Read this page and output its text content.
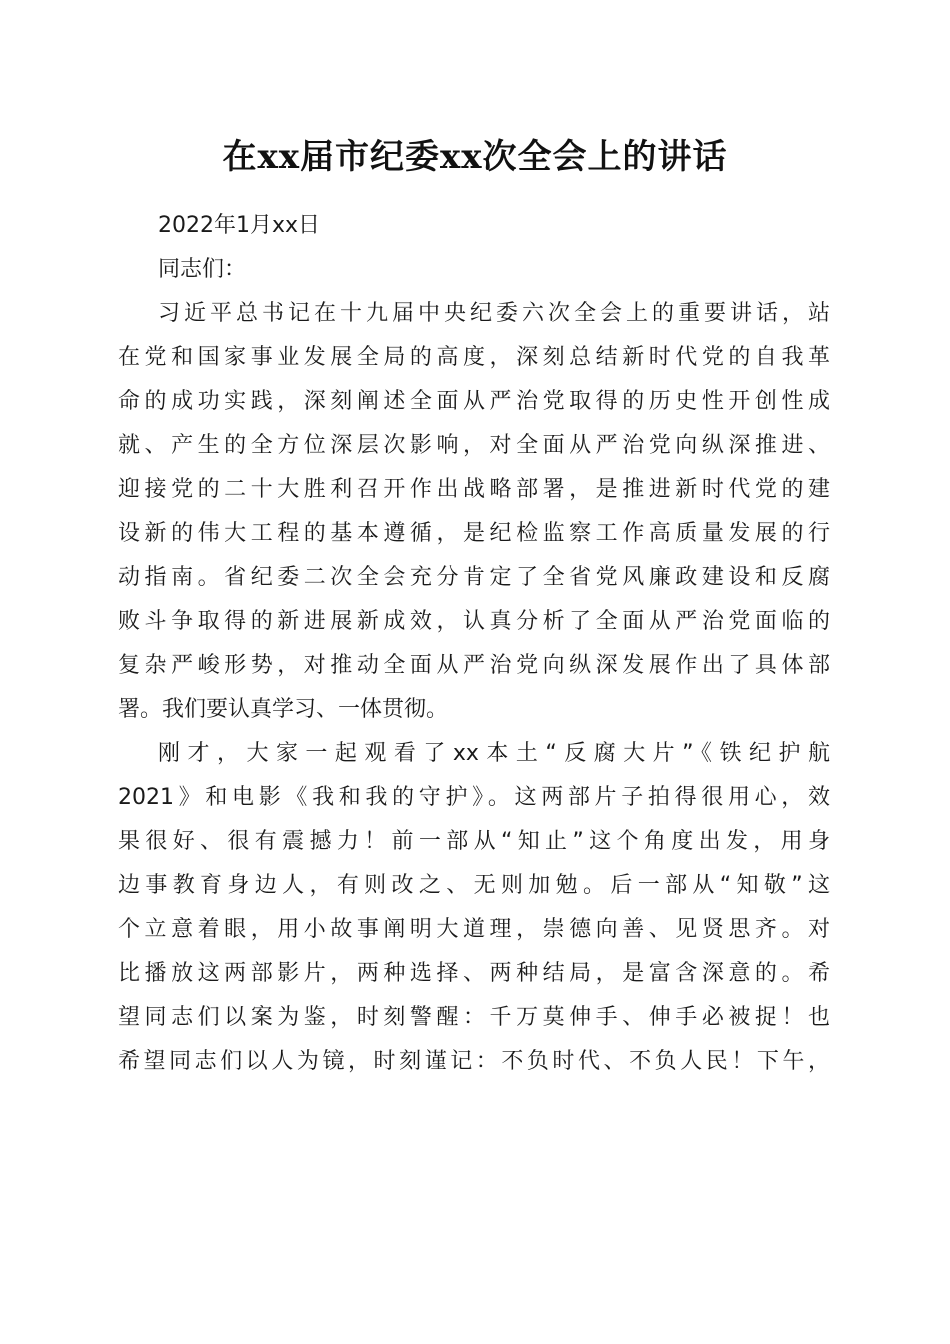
在xx届市纪委xx次全会上的讲话
2022年1月xx日
同志们：
习近平总书记在十九届中央纪委六次全会上的重要讲话，站
在党和国家事业发展全局的高度，深刻总结新时代党的自我革
命的成功实践，深刻阐述全面从严治党取得的历史性开创性成
就、产生的全方位深层次影响，对全面从严治党向纵深推进、
迎接党的二十大胜利召开作出战略部署，是推进新时代党的建
设新的伟大工程的基本遵循，是纪检监察工作高质量发展的行
动指南。省纪委二次全会充分肯定了全省党风廉政建设和反腐
败斗争取得的新进展新成效，认真分析了全面从严治党面临的
复杂严峻形势，对推动全面从严治党向纵深发展作出了具体部
署。我们要认真学习、一体贯彻。
刚才，大家一起观看了xx本土“反腐大片”《铁纪护航
2021》和电影《我和我的守护》。这两部片子拍得很用心，效
果很好、很有震撼力！前一部从“知止”这个角度出发，用身
边事教育身边人，有则改之、无则加勉。后一部从“知敬”这
个立意着眼，用小故事阐明大道理，崇德向善、见贤思齐。对
比播放这两部影片，两种选择、两种结局，是富含深意的。希
望同志们以案为鉴，时刻警醒：千万莫伸手、伸手必被捉！也
希望同志们以人为镜，时刻谨记：不负时代、不负人民！下午，
